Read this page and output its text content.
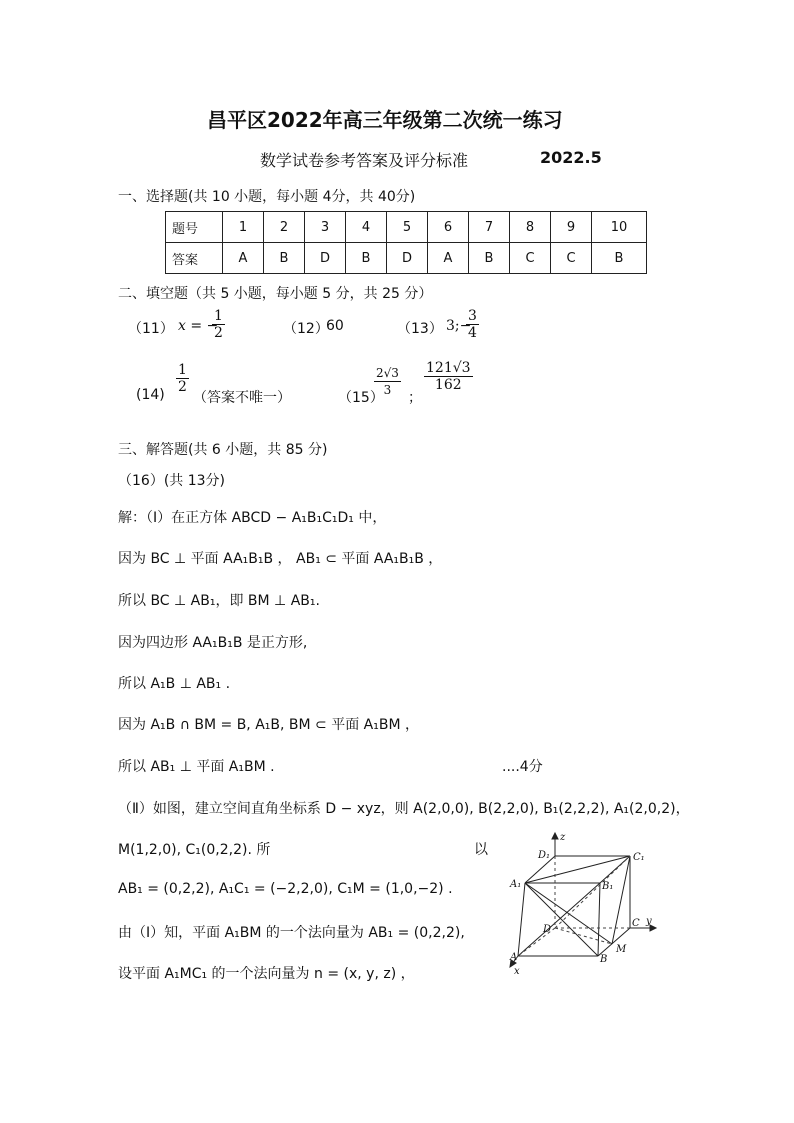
昌平区2022年高三年级第二次统一练习
数学试卷参考答案及评分标准	2022.5
一、选择题(共 10 小题，每小题 4分，共 40分)
题号	1	2	3	4	5	6	7	8	9	10
答案	A	B	D	B	D	A	B	C	C	B
二、填空题（共 5 小题，每小题 5 分，共 25 分）
（11） x = −
$\frac{1}{2}$	（12）
60	（13） 3;−
$\frac{3}{4}$
$(14) \frac{1}{2}$
（答案不唯一）	（15）
$\frac{2√3}{3}$ ；
$\frac{121√3}{162}$
三、解答题(共 6 小题，共 85 分)
（16）(共 13分)
解：（Ⅰ）在正方体 ABCD − A₁B₁C₁D₁ 中，
因为 BC ⊥ 平面 AA₁B₁B ， AB₁ ⊂ 平面 AA₁B₁B ，
所以 BC ⊥ AB₁，即 BM ⊥ AB₁.
因为四边形 AA₁B₁B 是正方形,
所以 A₁B ⊥ AB₁ .
因为 A₁B ∩ BM = B, A₁B, BM ⊂ 平面 A₁BM ，
所以 AB₁ ⊥ 平面 A₁BM .	....4分
（Ⅱ）如图，建立空间直角坐标系 D − xyz，则 A(2,0,0), B(2,2,0), B₁(2,2,2), A₁(2,0,2)，
M(1,2,0), C₁(0,2,2). 所	以
AB₁ = (0,2,2), A₁C₁ = (−2,2,0), C₁M = (1,0,−2) .
由（Ⅰ）知，平面 A₁BM 的一个法向量为 AB₁ = (0,2,2),
设平面 A₁MC₁ 的一个法向量为 n = (x, y, z) ，
D₁	C₁
A₁	B₁
D
C
A	B
M
x
y
z
